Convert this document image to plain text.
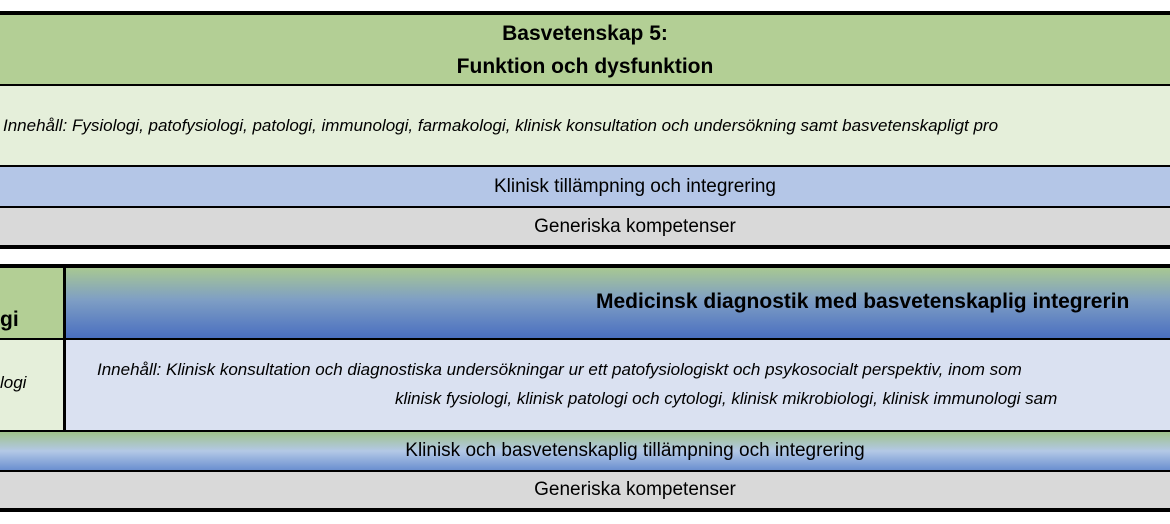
Basvetenskap 5:
Funktion och dysfunktion
Innehåll: Fysiologi, patofysiologi, patologi, immunologi, farmakologi, klinisk konsultation och undersökning samt basvetenskapligt pro
Klinisk tillämpning och integrering
Generiska kompetenser
gi
Medicinsk diagnostik med basvetenskaplig integrerin
logi
Innehåll: Klinisk konsultation och diagnostiska undersökningar ur ett patofysiologiskt och psykosocialt perspektiv, inom som
klinisk fysiologi, klinisk patologi och cytologi, klinisk mikrobiologi, klinisk immunologi sam
Klinisk och basvetenskaplig tillämpning och integrering
Generiska kompetenser
